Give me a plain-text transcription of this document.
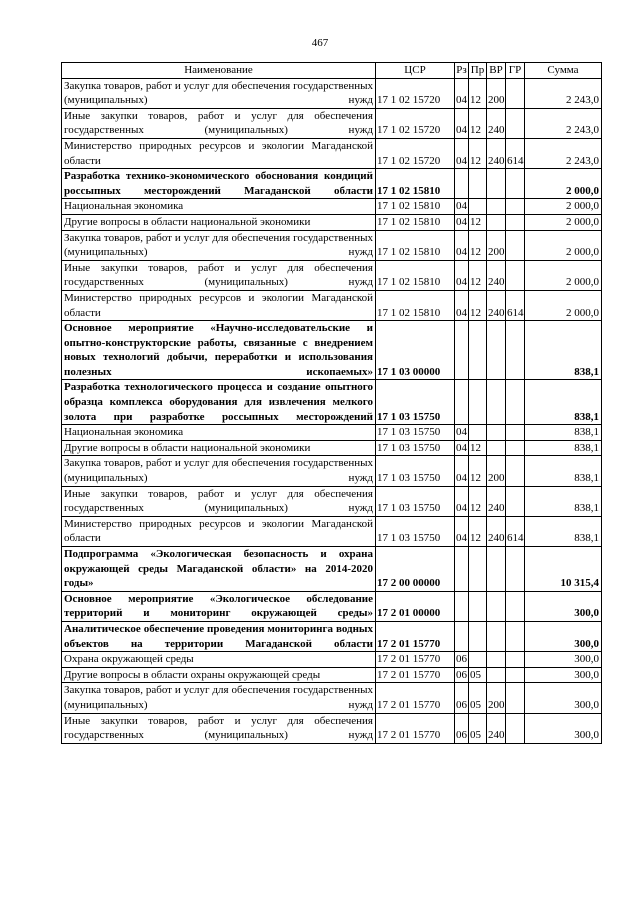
467
Наименование	ЦСР	Рз	Пр	ВР	ГР	Сумма
Закупка товаров, работ и услуг для обеспечения государственных (муниципальных) нужд	17 1 02 15720	04	12	200		2 243,0
Иные закупки товаров, работ и услуг для обеспечения государственных (муниципальных) нужд	17 1 02 15720	04	12	240		2 243,0
Министерство природных ресурсов и экологии Магаданской области	17 1 02 15720	04	12	240	614	2 243,0
Разработка технико-экономического обоснования кондиций россыпных месторождений Магаданской области	17 1 02 15810					2 000,0
Национальная экономика	17 1 02 15810	04				2 000,0
Другие вопросы в области национальной экономики	17 1 02 15810	04	12			2 000,0
Закупка товаров, работ и услуг для обеспечения государственных (муниципальных) нужд	17 1 02 15810	04	12	200		2 000,0
Иные закупки товаров, работ и услуг для обеспечения государственных (муниципальных) нужд	17 1 02 15810	04	12	240		2 000,0
Министерство природных ресурсов и экологии Магаданской области	17 1 02 15810	04	12	240	614	2 000,0
Основное мероприятие «Научно-исследовательские и опытно-конструкторские работы, связанные с внедрением новых технологий добычи, переработки и использования полезных ископаемых»	17 1 03 00000					838,1
Разработка технологического процесса и создание опытного образца комплекса оборудования для извлечения мелкого золота при разработке россыпных месторождений	17 1 03 15750					838,1
Национальная экономика	17 1 03 15750	04				838,1
Другие вопросы в области национальной экономики	17 1 03 15750	04	12			838,1
Закупка товаров, работ и услуг для обеспечения государственных (муниципальных) нужд	17 1 03 15750	04	12	200		838,1
Иные закупки товаров, работ и услуг для обеспечения государственных (муниципальных) нужд	17 1 03 15750	04	12	240		838,1
Министерство природных ресурсов и экологии Магаданской области	17 1 03 15750	04	12	240	614	838,1
Подпрограмма «Экологическая безопасность и охрана окружающей среды Магаданской области» на 2014-2020 годы»	17 2 00 00000					10 315,4
Основное мероприятие «Экологическое обследование территорий и мониторинг окружающей среды»	17 2 01 00000					300,0
Аналитическое обеспечение проведения мониторинга водных объектов на территории Магаданской области	17 2 01 15770					300,0
Охрана окружающей среды	17 2 01 15770	06				300,0
Другие вопросы в области охраны окружающей среды	17 2 01 15770	06	05			300,0
Закупка товаров, работ и услуг для обеспечения государственных (муниципальных) нужд	17 2 01 15770	06	05	200		300,0
Иные закупки товаров, работ и услуг для обеспечения государственных (муниципальных) нужд	17 2 01 15770	06	05	240		300,0
